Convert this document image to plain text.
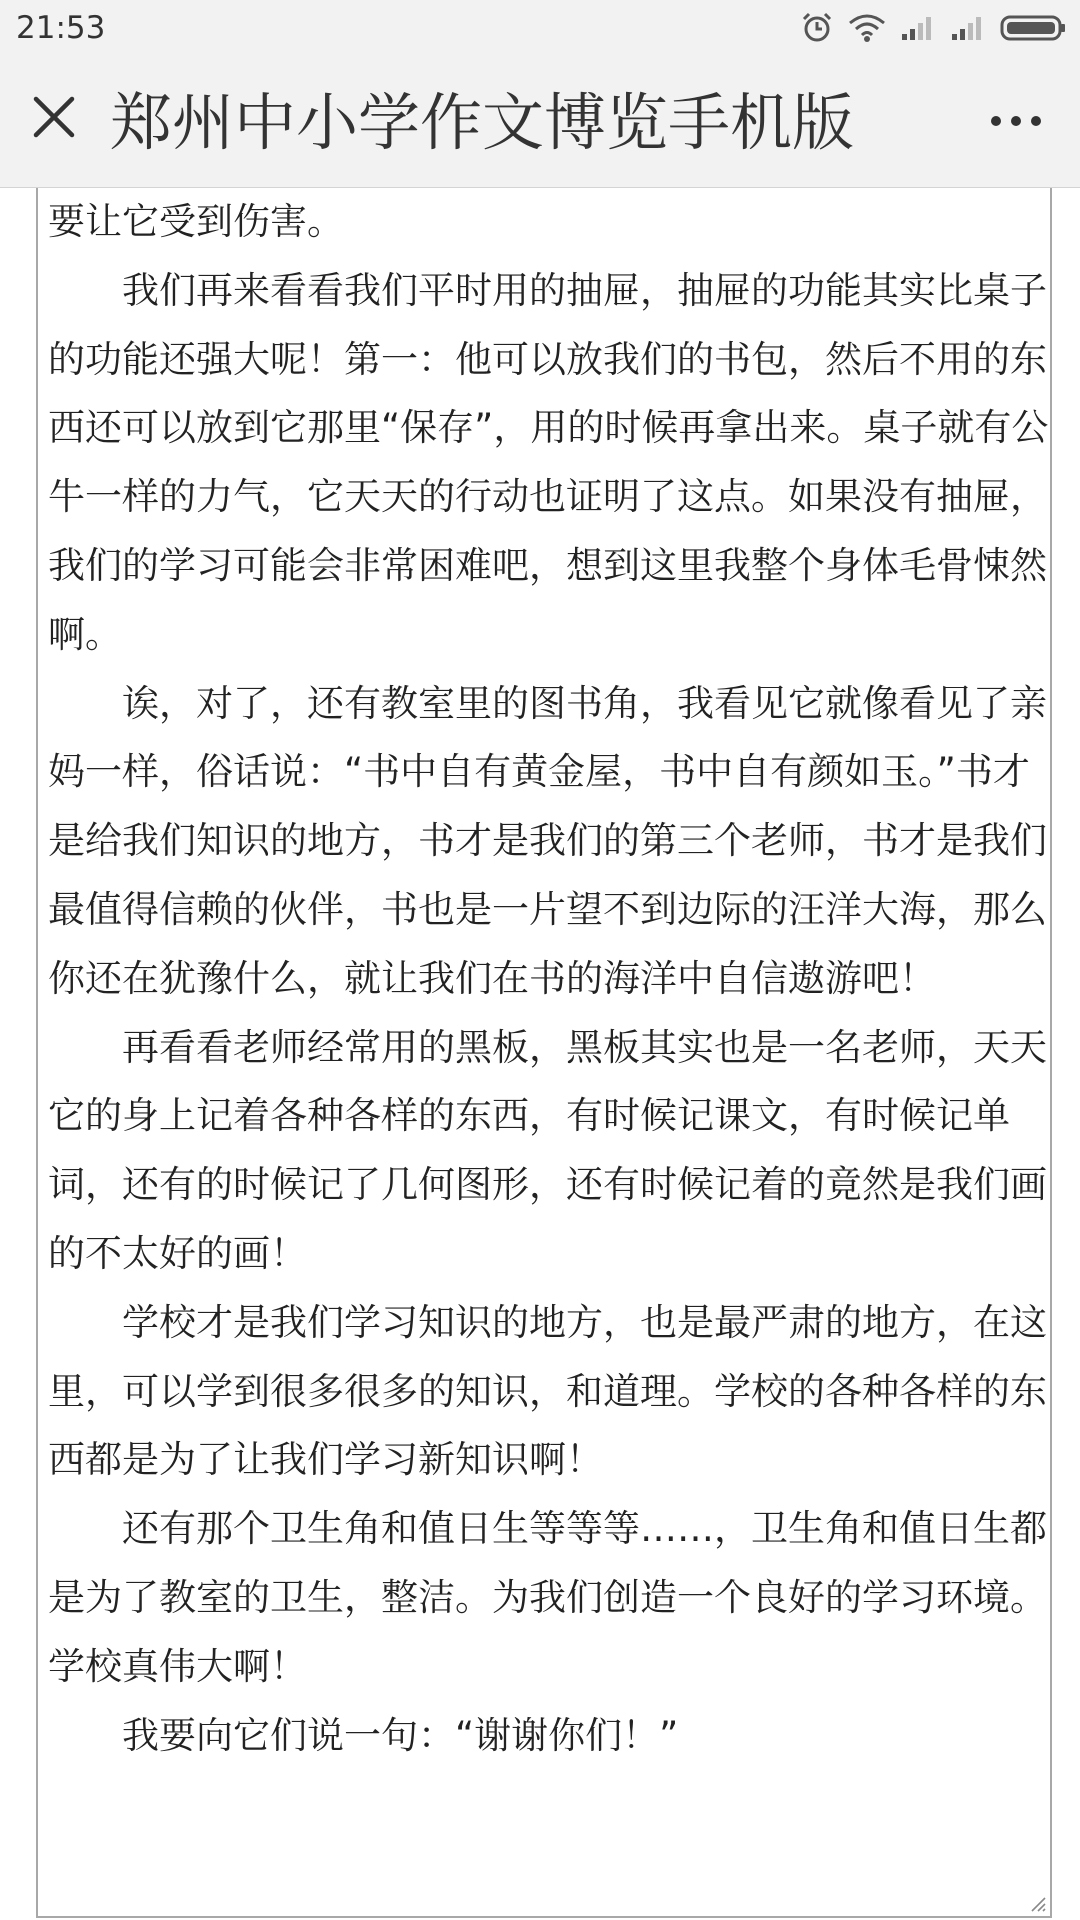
21:53
郑州中小学作文博览手机版

要让它受到伤害。

我们再来看看我们平时用的抽屉，抽屉的功能其实比桌子的功能还强大呢！第一：他可以放我们的书包，然后不用的东西还可以放到它那里“保存”，用的时候再拿出来。桌子就有公牛一样的力气，它天天的行动也证明了这点。如果没有抽屉，我们的学习可能会非常困难吧，想到这里我整个身体毛骨悚然啊。

诶，对了，还有教室里的图书角，我看见它就像看见了亲妈一样，俗话说：“书中自有黄金屋，书中自有颜如玉。”书才是给我们知识的地方，书才是我们的第三个老师，书才是我们最值得信赖的伙伴，书也是一片望不到边际的汪洋大海，那么你还在犹豫什么，就让我们在书的海洋中自信遨游吧！

再看看老师经常用的黑板，黑板其实也是一名老师，天天它的身上记着各种各样的东西，有时候记课文，有时候记单词，还有的时候记了几何图形，还有时候记着的竟然是我们画的不太好的画！

学校才是我们学习知识的地方，也是最严肃的地方，在这里，可以学到很多很多的知识，和道理。学校的各种各样的东西都是为了让我们学习新知识啊！

还有那个卫生角和值日生等等等……，卫生角和值日生都是为了教室的卫生，整洁。为我们创造一个良好的学习环境。学校真伟大啊！

我要向它们说一句：“谢谢你们！”
